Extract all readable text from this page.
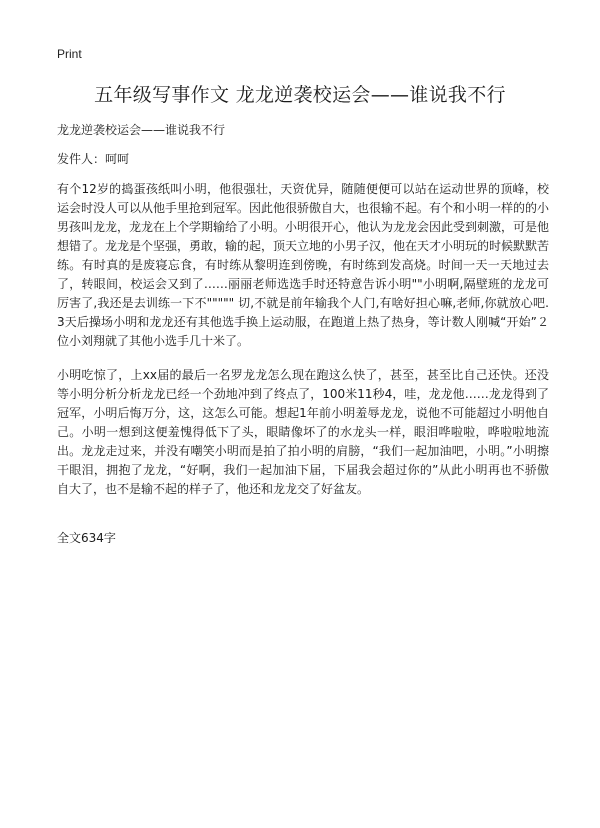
Print
五年级写事作文 龙龙逆袭校运会——谁说我不行

龙龙逆袭校运会——谁说我不行

发件人：呵呵

有个12岁的捣蛋孩纸叫小明，他很强壮，天资优异，随随便便可以站在运动世界的顶峰，校运会时没人可以从他手里抢到冠军。因此他很骄傲自大，也很输不起。有个和小明一样的的小男孩叫龙龙，龙龙在上个学期输给了小明。小明很开心，他认为龙龙会因此受到刺激，可是他想错了。龙龙是个坚强，勇敢，输的起，顶天立地的小男子汉，他在天才小明玩的时候默默苦练。有时真的是废寝忘食，有时练从黎明连到傍晚，有时练到发高烧。时间一天一天地过去了，转眼间，校运会又到了……丽丽老师选选手时还特意告诉小明""小明啊,隔壁班的龙龙可厉害了,我还是去训练一下不""""" 切,不就是前年输我个人门,有啥好担心嘛,老师,你就放心吧.3天后操场小明和龙龙还有其他选手换上运动服，在跑道上热了热身，等计数人刚喊“开始”２位小刘翔就了其他小选手几十米了。

小明吃惊了，上xx届的最后一名罗龙龙怎么现在跑这么快了，甚至，甚至比自己还快。还没等小明分析分析龙龙已经一个劲地冲到了终点了，100米11秒4，哇，龙龙他……龙龙得到了冠军，小明后悔万分，这，这怎么可能。想起1年前小明羞辱龙龙，说他不可能超过小明他自己。小明一想到这便羞愧得低下了头，眼睛像坏了的水龙头一样，眼泪哗啦啦，哗啦啦地流出。龙龙走过来，并没有嘲笑小明而是拍了拍小明的肩膀，“我们一起加油吧，小明。”小明擦干眼泪，拥抱了龙龙，“好啊，我们一起加油下届，下届我会超过你的”从此小明再也不骄傲自大了，也不是输不起的样子了，他还和龙龙交了好盆友。

全文634字
